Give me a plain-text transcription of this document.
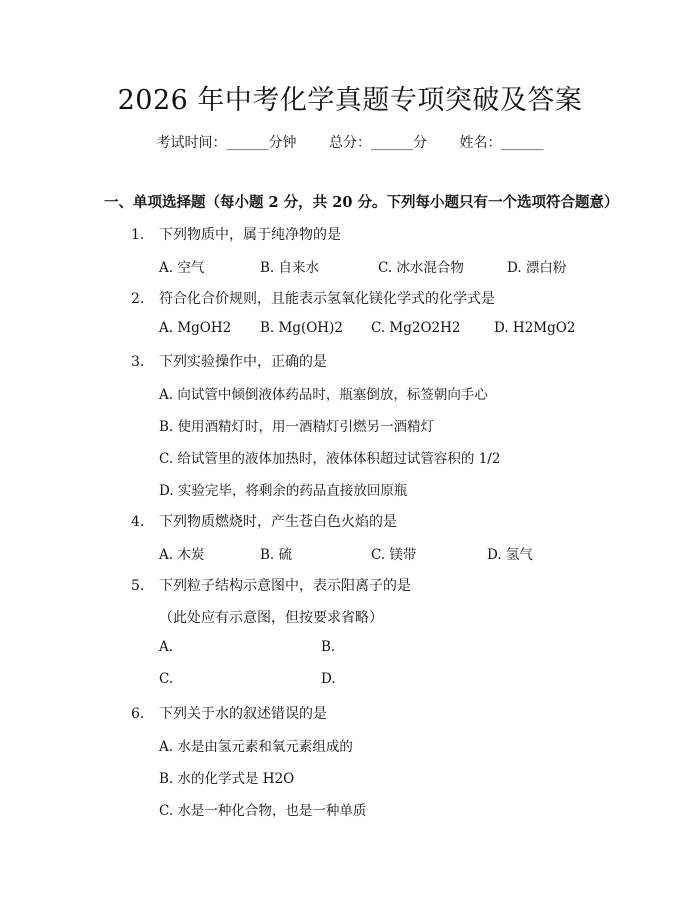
2026 年中考化学真题专项突破及答案
考试时间：______分钟 总分：______分 姓名：______
一、单项选择题（每小题 2 分，共 20 分。下列每小题只有一个选项符合题意）
1. 下列物质中，属于纯净物的是
A. 空气	B. 自来水	C. 冰水混合物	D. 漂白粉
2. 符合化合价规则，且能表示氢氧化镁化学式的化学式是
A. MgOH2 B. Mg(OH)2 C. Mg2O2H2 D. H2MgO2
3. 下列实验操作中，正确的是
A. 向试管中倾倒液体药品时，瓶塞倒放，标签朝向手心
B. 使用酒精灯时，用一酒精灯引燃另一酒精灯
C. 给试管里的液体加热时，液体体积超过试管容积的 1/2
D. 实验完毕，将剩余的药品直接放回原瓶
4. 下列物质燃烧时，产生苍白色火焰的是
A. 木炭	B. 硫	C. 镁带	D. 氢气
5. 下列粒子结构示意图中，表示阳离子的是
（此处应有示意图，但按要求省略）
A.	B.
C.	D.
6. 下列关于水的叙述错误的是
A. 水是由氢元素和氧元素组成的
B. 水的化学式是 H2O
C. 水是一种化合物，也是一种单质
